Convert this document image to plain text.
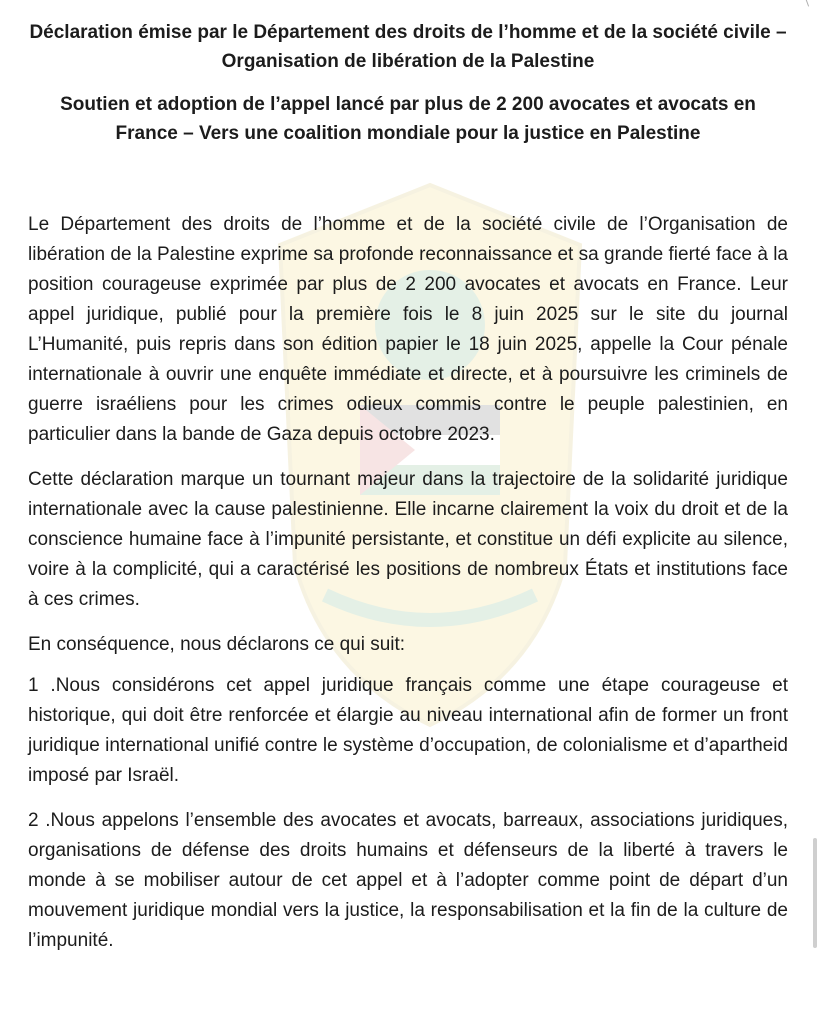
Déclaration émise par le Département des droits de l’homme et de la société civile – Organisation de libération de la Palestine

Soutien et adoption de l’appel lancé par plus de 2 200 avocates et avocats en France – Vers une coalition mondiale pour la justice en Palestine

Le Département des droits de l’homme et de la société civile de l’Organisation de libération de la Palestine exprime sa profonde reconnaissance et sa grande fierté face à la position courageuse exprimée par plus de 2 200 avocates et avocats en France. Leur appel juridique, publié pour la première fois le 8 juin 2025 sur le site du journal L’Humanité, puis repris dans son édition papier le 18 juin 2025, appelle la Cour pénale internationale à ouvrir une enquête immédiate et directe, et à poursuivre les criminels de guerre israéliens pour les crimes odieux commis contre le peuple palestinien, en particulier dans la bande de Gaza depuis octobre 2023.

Cette déclaration marque un tournant majeur dans la trajectoire de la solidarité juridique internationale avec la cause palestinienne. Elle incarne clairement la voix du droit et de la conscience humaine face à l’impunité persistante, et constitue un défi explicite au silence, voire à la complicité, qui a caractérisé les positions de nombreux États et institutions face à ces crimes.

En conséquence, nous déclarons ce qui suit:

1 .Nous considérons cet appel juridique français comme une étape courageuse et historique, qui doit être renforcée et élargie au niveau international afin de former un front juridique international unifié contre le système d’occupation, de colonialisme et d’apartheid imposé par Israël.

2 .Nous appelons l’ensemble des avocates et avocats, barreaux, associations juridiques, organisations de défense des droits humains et défenseurs de la liberté à travers le monde à se mobiliser autour de cet appel et à l’adopter comme point de départ d’un mouvement juridique mondial vers la justice, la responsabilisation et la fin de la culture de l’impunité.
